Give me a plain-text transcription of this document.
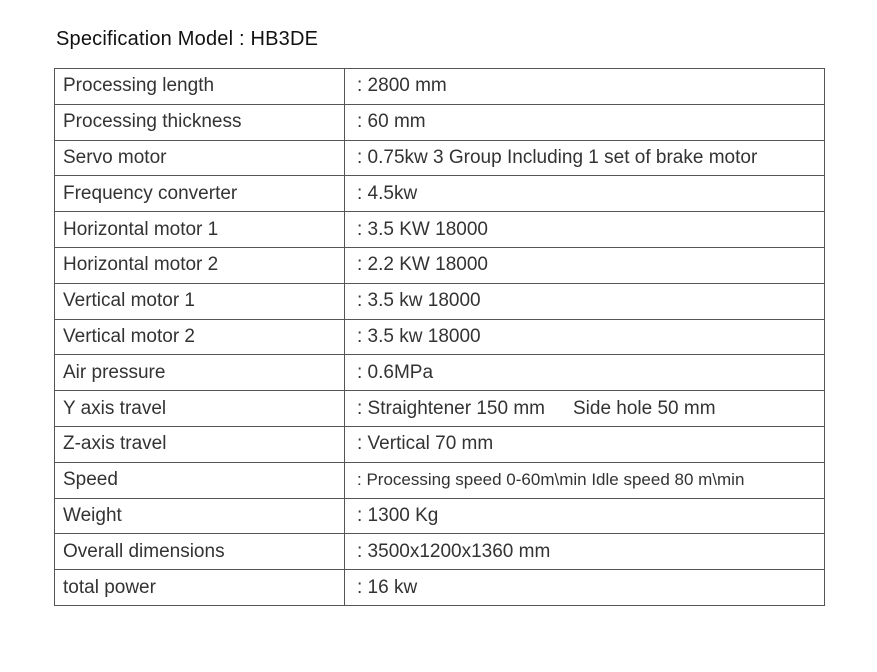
Specification Model : HB3DE
Processing length	: 2800 mm
Processing thickness	: 60 mm
Servo motor	: 0.75kw 3 Group Including 1 set of brake motor
Frequency converter	: 4.5kw
Horizontal motor 1	: 3.5 KW 18000
Horizontal motor 2	: 2.2 KW 18000
Vertical motor 1	: 3.5 kw 18000
Vertical motor 2	: 3.5 kw 18000
Air pressure	: 0.6MPa
Y axis travel	: Straightener 150 mm Side hole 50 mm
Z-axis travel	: Vertical 70 mm
Speed	: Processing speed 0-60m\min Idle speed 80 m\min
Weight	: 1300 Kg
Overall dimensions	: 3500x1200x1360 mm
total power	: 16 kw
